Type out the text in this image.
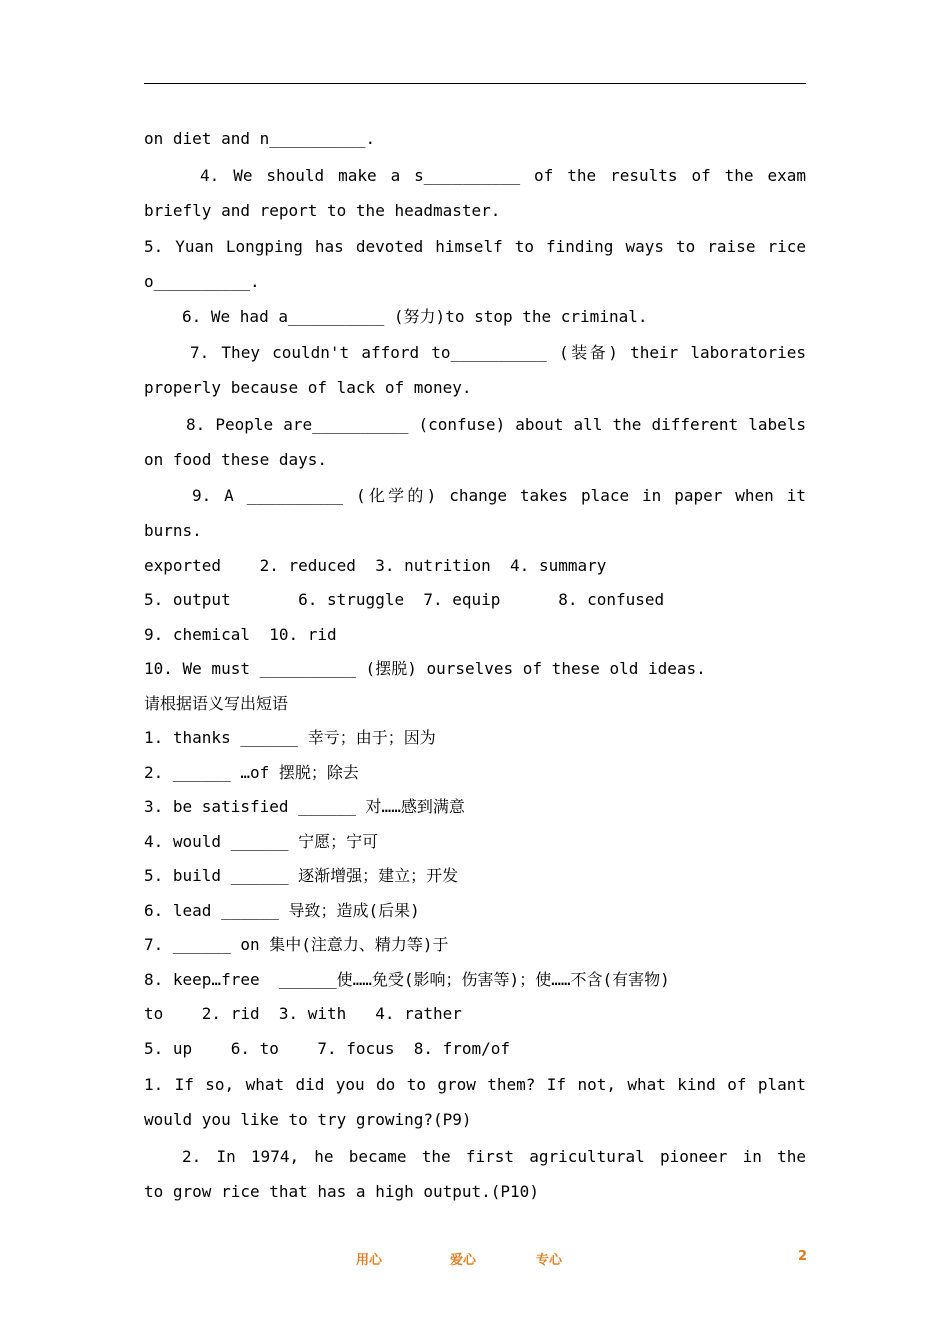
on diet and n__________.
4. We should make a s__________ of the results of the exam
briefly and report to the headmaster.
5. Yuan Longping has devoted himself to finding ways to raise rice
o__________.
6. We had a__________ (努力)to stop the criminal.
7. They couldn't afford to__________ (装备) their laboratories
properly because of lack of money.
8. People are__________ (confuse) about all the different labels
on food these days.
9. A __________ (化学的) change takes place in paper when it
burns.
exported    2. reduced  3. nutrition  4. summary
5. output       6. struggle  7. equip      8. confused
9. chemical  10. rid
10. We must __________ (摆脱) ourselves of these old ideas.
请根据语义写出短语
1. thanks ______ 幸亏；由于；因为
2. ______ …of 摆脱；除去
3. be satisfied ______ 对……感到满意
4. would ______ 宁愿；宁可
5. build ______ 逐渐增强；建立；开发
6. lead ______ 导致；造成(后果)
7. ______ on 集中(注意力、精力等)于
8. keep…free  ______使……免受(影响；伤害等)；使……不含(有害物)
to    2. rid  3. with   4. rather
5. up    6. to    7. focus  8. from/of
1. If so, what did you do to grow them? If not, what kind of plant
would you like to try growing?(P9)
2. In 1974, he became the first agricultural pioneer in the
to grow rice that has a high output.(P10)
用心	爱心	专心	2
